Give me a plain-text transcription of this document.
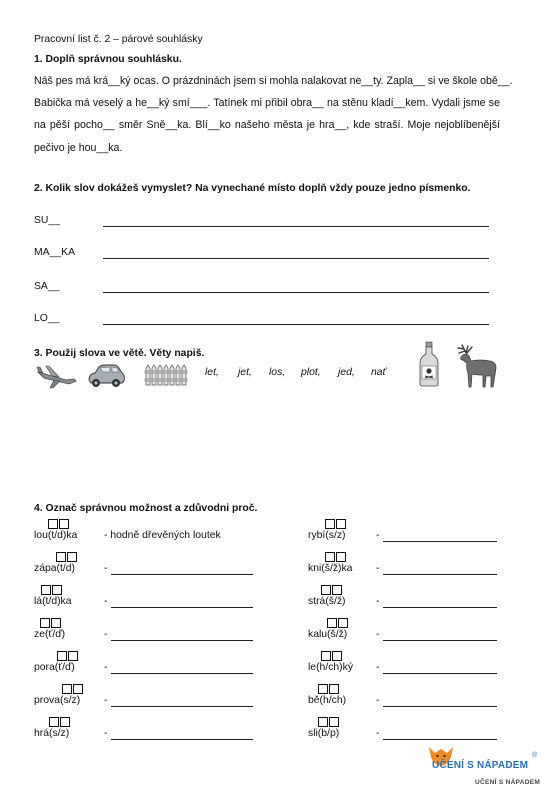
Pracovní list č. 2 – párové souhlásky
1. Doplň správnou souhlásku.
Náš pes má krá__ký ocas. O prázdninách jsem si mohla nalakovat ne__ty. Zapla__ si ve škole obě__.
Babička má veselý a he__ký smí___. Tatínek mi přibil obra__ na stěnu kladí__kem. Vydali jsme se
na pěší pocho__ směr Sně__ka. Blí__ko našeho města je hra__, kde straší. Moje nejoblíbenější
pečivo je hou__ka.
2. Kolik slov dokážeš vymyslet? Na vynechané místo doplň vždy pouze jedno písmenko.
SU__
MA__KA
SA__
LO__
3. Použij slova ve větě. Věty napiš.
let, jet, los, plot, jed, nať
4. Označ správnou možnost a zdůvodni proč.
lou(t/d)ka	- hodně dřevěných loutek
zápa(t/d)	-
lá(t/d)ka	-
ze(ť/ď)	-
pora(ť/ď)	-
prova(s/z) -
hrá(s/z)	-
rybí(s/z)	-
kni(š/ž)ka -
strá(š/ž)	-
kalu(š/ž)	-
le(h/ch)ký -
bě(h/ch)	-
sli(b/p)	-
UČENÍ S NÁPADEM
®
UČENÍ S NÁPADEM
